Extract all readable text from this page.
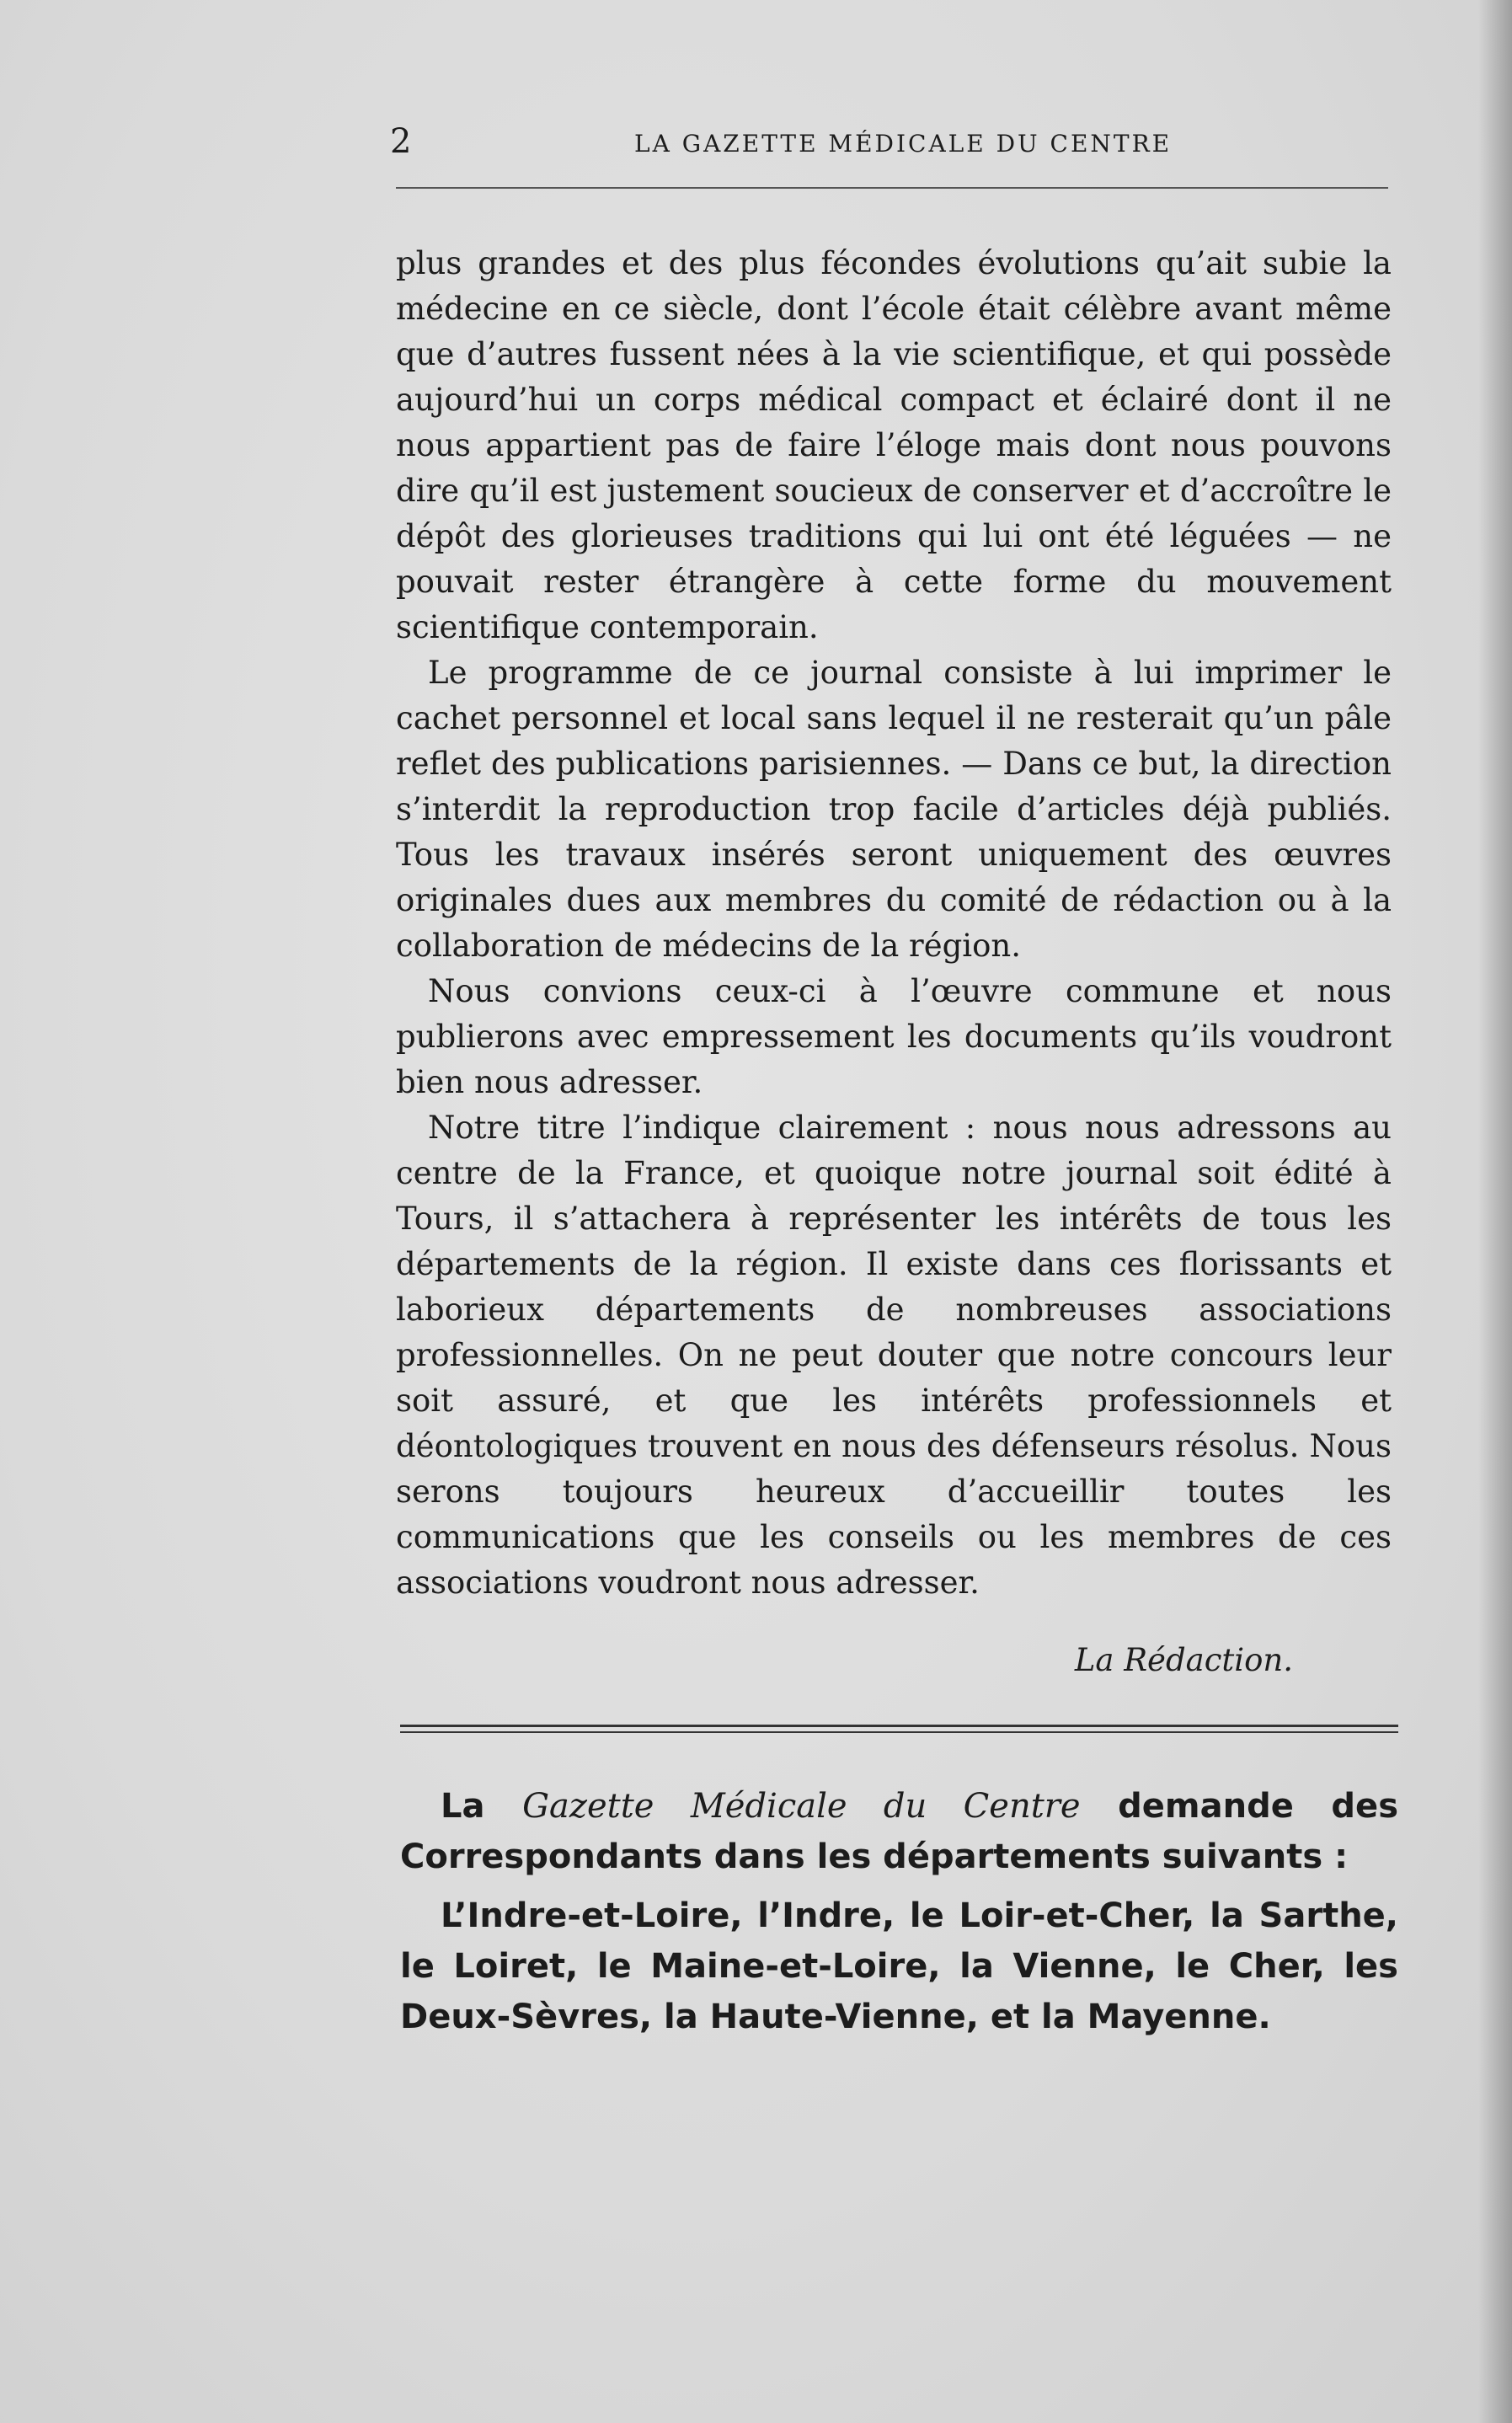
2	LA GAZETTE MÉDICALE DU CENTRE

plus grandes et des plus fécondes évolutions qu’ait subie la médecine en ce siècle, dont l’école était célèbre avant même que d’autres fussent nées à la vie scientifique, et qui possède aujourd’hui un corps médical compact et éclairé dont il ne nous appartient pas de faire l’éloge mais dont nous pouvons dire qu’il est justement soucieux de conserver et d’accroître le dépôt des glorieuses traditions qui lui ont été léguées — ne pouvait rester étrangère à cette forme du mouvement scientifique contemporain.

Le programme de ce journal consiste à lui imprimer le cachet personnel et local sans lequel il ne resterait qu’un pâle reflet des publications parisiennes. — Dans ce but, la direction s’interdit la reproduction trop facile d’articles déjà publiés. Tous les travaux insérés seront uniquement des œuvres originales dues aux membres du comité de rédaction ou à la collaboration de médecins de la région.

Nous convions ceux-ci à l’œuvre commune et nous publierons avec empressement les documents qu’ils voudront bien nous adresser.

Notre titre l’indique clairement : nous nous adressons au centre de la France, et quoique notre journal soit édité à Tours, il s’attachera à représenter les intérêts de tous les départements de la région. Il existe dans ces florissants et laborieux départements de nombreuses associations professionnelles. On ne peut douter que notre concours leur soit assuré, et que les intérêts professionnels et déontologiques trouvent en nous des défenseurs résolus. Nous serons toujours heureux d’accueillir toutes les communications que les conseils ou les membres de ces associations voudront nous adresser.

La Rédaction.

La Gazette Médicale du Centre demande des Correspondants dans les départements suivants :

L’Indre-et-Loire, l’Indre, le Loir-et-Cher, la Sarthe, le Loiret, le Maine-et-Loire, la Vienne, le Cher, les Deux-Sèvres, la Haute-Vienne, et la Mayenne.
